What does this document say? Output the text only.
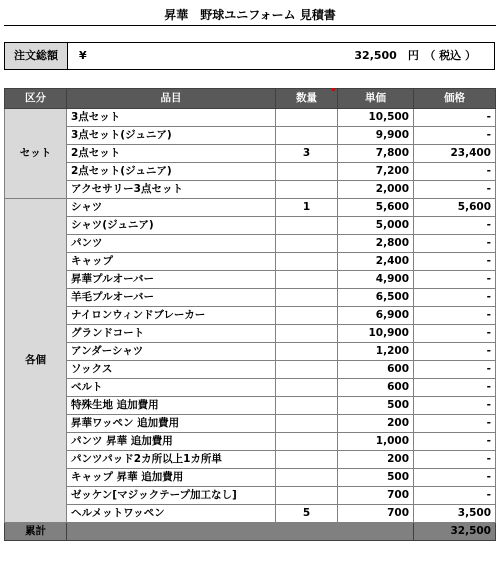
昇華　野球ユニフォーム 見積書
注文総額	¥	32,500　円　（ 税込 ）
区分	品目	数量	単価	価格
セット	3点セット		10,500	-
	3点セット(ジュニア)		9,900	-
	2点セット	3	7,800	23,400
	2点セット(ジュニア)		7,200	-
	アクセサリー3点セット		2,000	-
各個	シャツ	1	5,600	5,600
	シャツ(ジュニア)		5,000	-
	パンツ		2,800	-
	キャップ		2,400	-
	昇華プルオーバー		4,900	-
	羊毛プルオーバー		6,500	-
	ナイロンウィンドブレーカー		6,900	-
	グランドコート		10,900	-
	アンダーシャツ		1,200	-
	ソックス		600	-
	ベルト		600	-
	特殊生地 追加費用		500	-
	昇華ワッペン 追加費用		200	-
	パンツ 昇華 追加費用		1,000	-
	パンツパッド2カ所以上1カ所単		200	-
	キャップ 昇華 追加費用		500	-
	ゼッケン[マジックテープ加工なし]		700	-
	ヘルメットワッペン	5	700	3,500
累計				32,500
